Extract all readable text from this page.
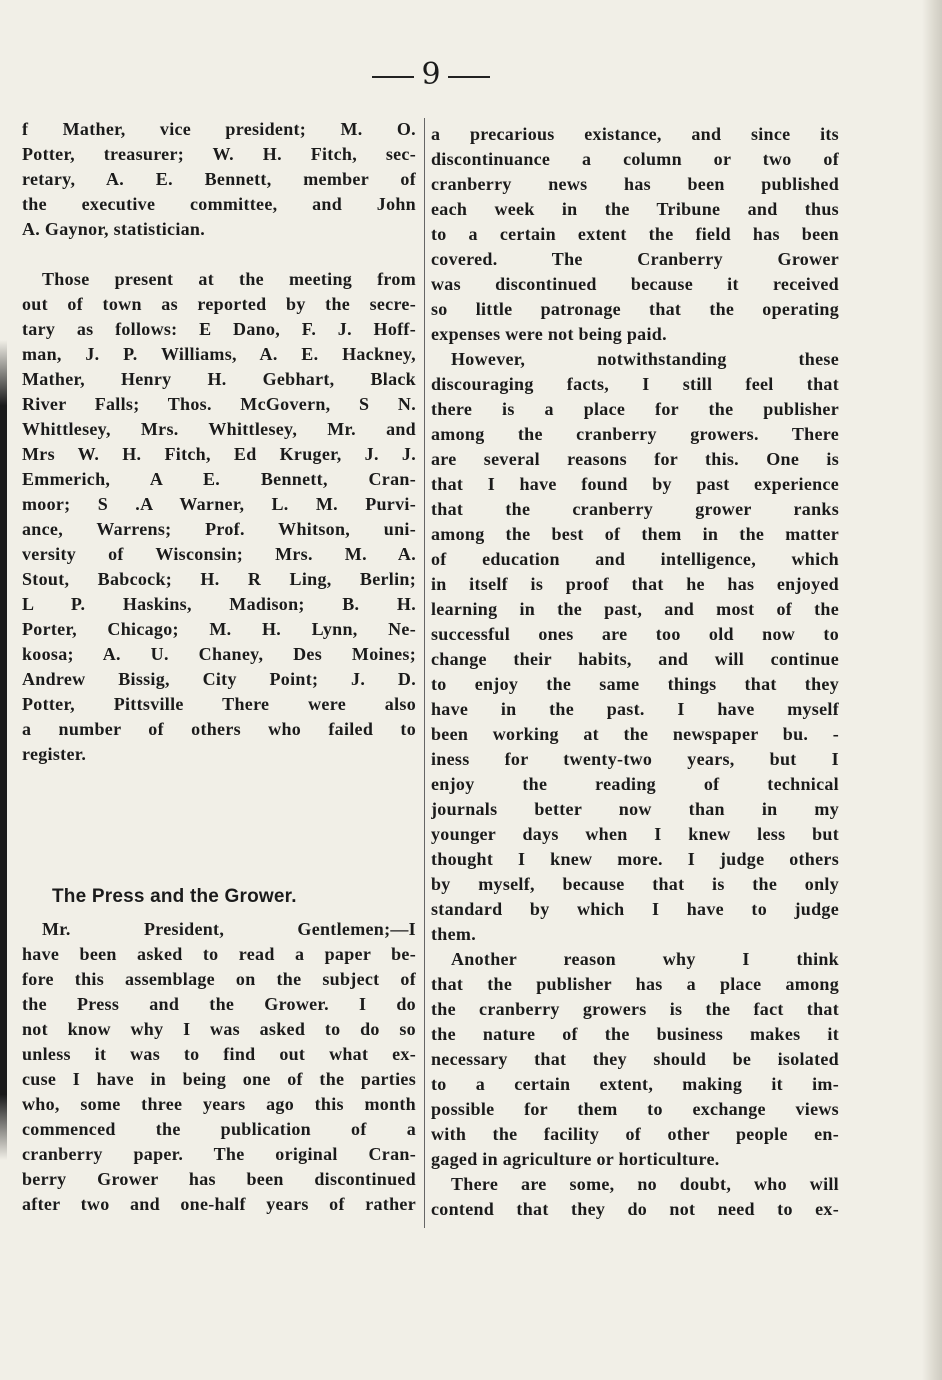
9
f Mather, vice president; M. O.
Potter, treasurer; W. H. Fitch, sec-
retary, A. E. Bennett, member of
the executive committee, and John
A. Gaynor, statistician.
Those present at the meeting from
out of town as reported by the secre-
tary as follows: E Dano, F. J. Hoff-
man, J. P. Williams, A. E. Hackney,
Mather, Henry H. Gebhart, Black
River Falls; Thos. McGovern, S N.
Whittlesey, Mrs. Whittlesey, Mr. and
Mrs W. H. Fitch, Ed Kruger, J. J.
Emmerich, A E. Bennett, Cran-
moor; S .A Warner, L. M. Purvi-
ance, Warrens; Prof. Whitson, uni-
versity of Wisconsin; Mrs. M. A.
Stout, Babcock; H. R Ling, Berlin;
L P. Haskins, Madison; B. H.
Porter, Chicago; M. H. Lynn, Ne-
koosa; A. U. Chaney, Des Moines;
Andrew Bissig, City Point; J. D.
Potter, Pittsville There were also
a number of others who failed to
register.
The Press and the Grower.
Mr. President, Gentlemen;—I
have been asked to read a paper be-
fore this assemblage on the subject of
the Press and the Grower. I do
not know why I was asked to do so
unless it was to find out what ex-
cuse I have in being one of the parties
who, some three years ago this month
commenced the publication of a
cranberry paper. The original Cran-
berry Grower has been discontinued
after two and one-half years of rather
a precarious existance, and since its
discontinuance a column or two of
cranberry news has been published
each week in the Tribune and thus
to a certain extent the field has been
covered. The Cranberry Grower
was discontinued because it received
so little patronage that the operating
expenses were not being paid.
However, notwithstanding these
discouraging facts, I still feel that
there is a place for the publisher
among the cranberry growers. There
are several reasons for this. One is
that I have found by past experience
that the cranberry grower ranks
among the best of them in the matter
of education and intelligence, which
in itself is proof that he has enjoyed
learning in the past, and most of the
successful ones are too old now to
change their habits, and will continue
to enjoy the same things that they
have in the past. I have myself
been working at the newspaper bu. -
iness for twenty-two years, but I
enjoy the reading of technical
journals better now than in my
younger days when I knew less but
thought I knew more. I judge others
by myself, because that is the only
standard by which I have to judge
them.
Another reason why I think
that the publisher has a place among
the cranberry growers is the fact that
the nature of the business makes it
necessary that they should be isolated
to a certain extent, making it im-
possible for them to exchange views
with the facility of other people en-
gaged in agriculture or horticulture.
There are some, no doubt, who will
contend that they do not need to ex-
